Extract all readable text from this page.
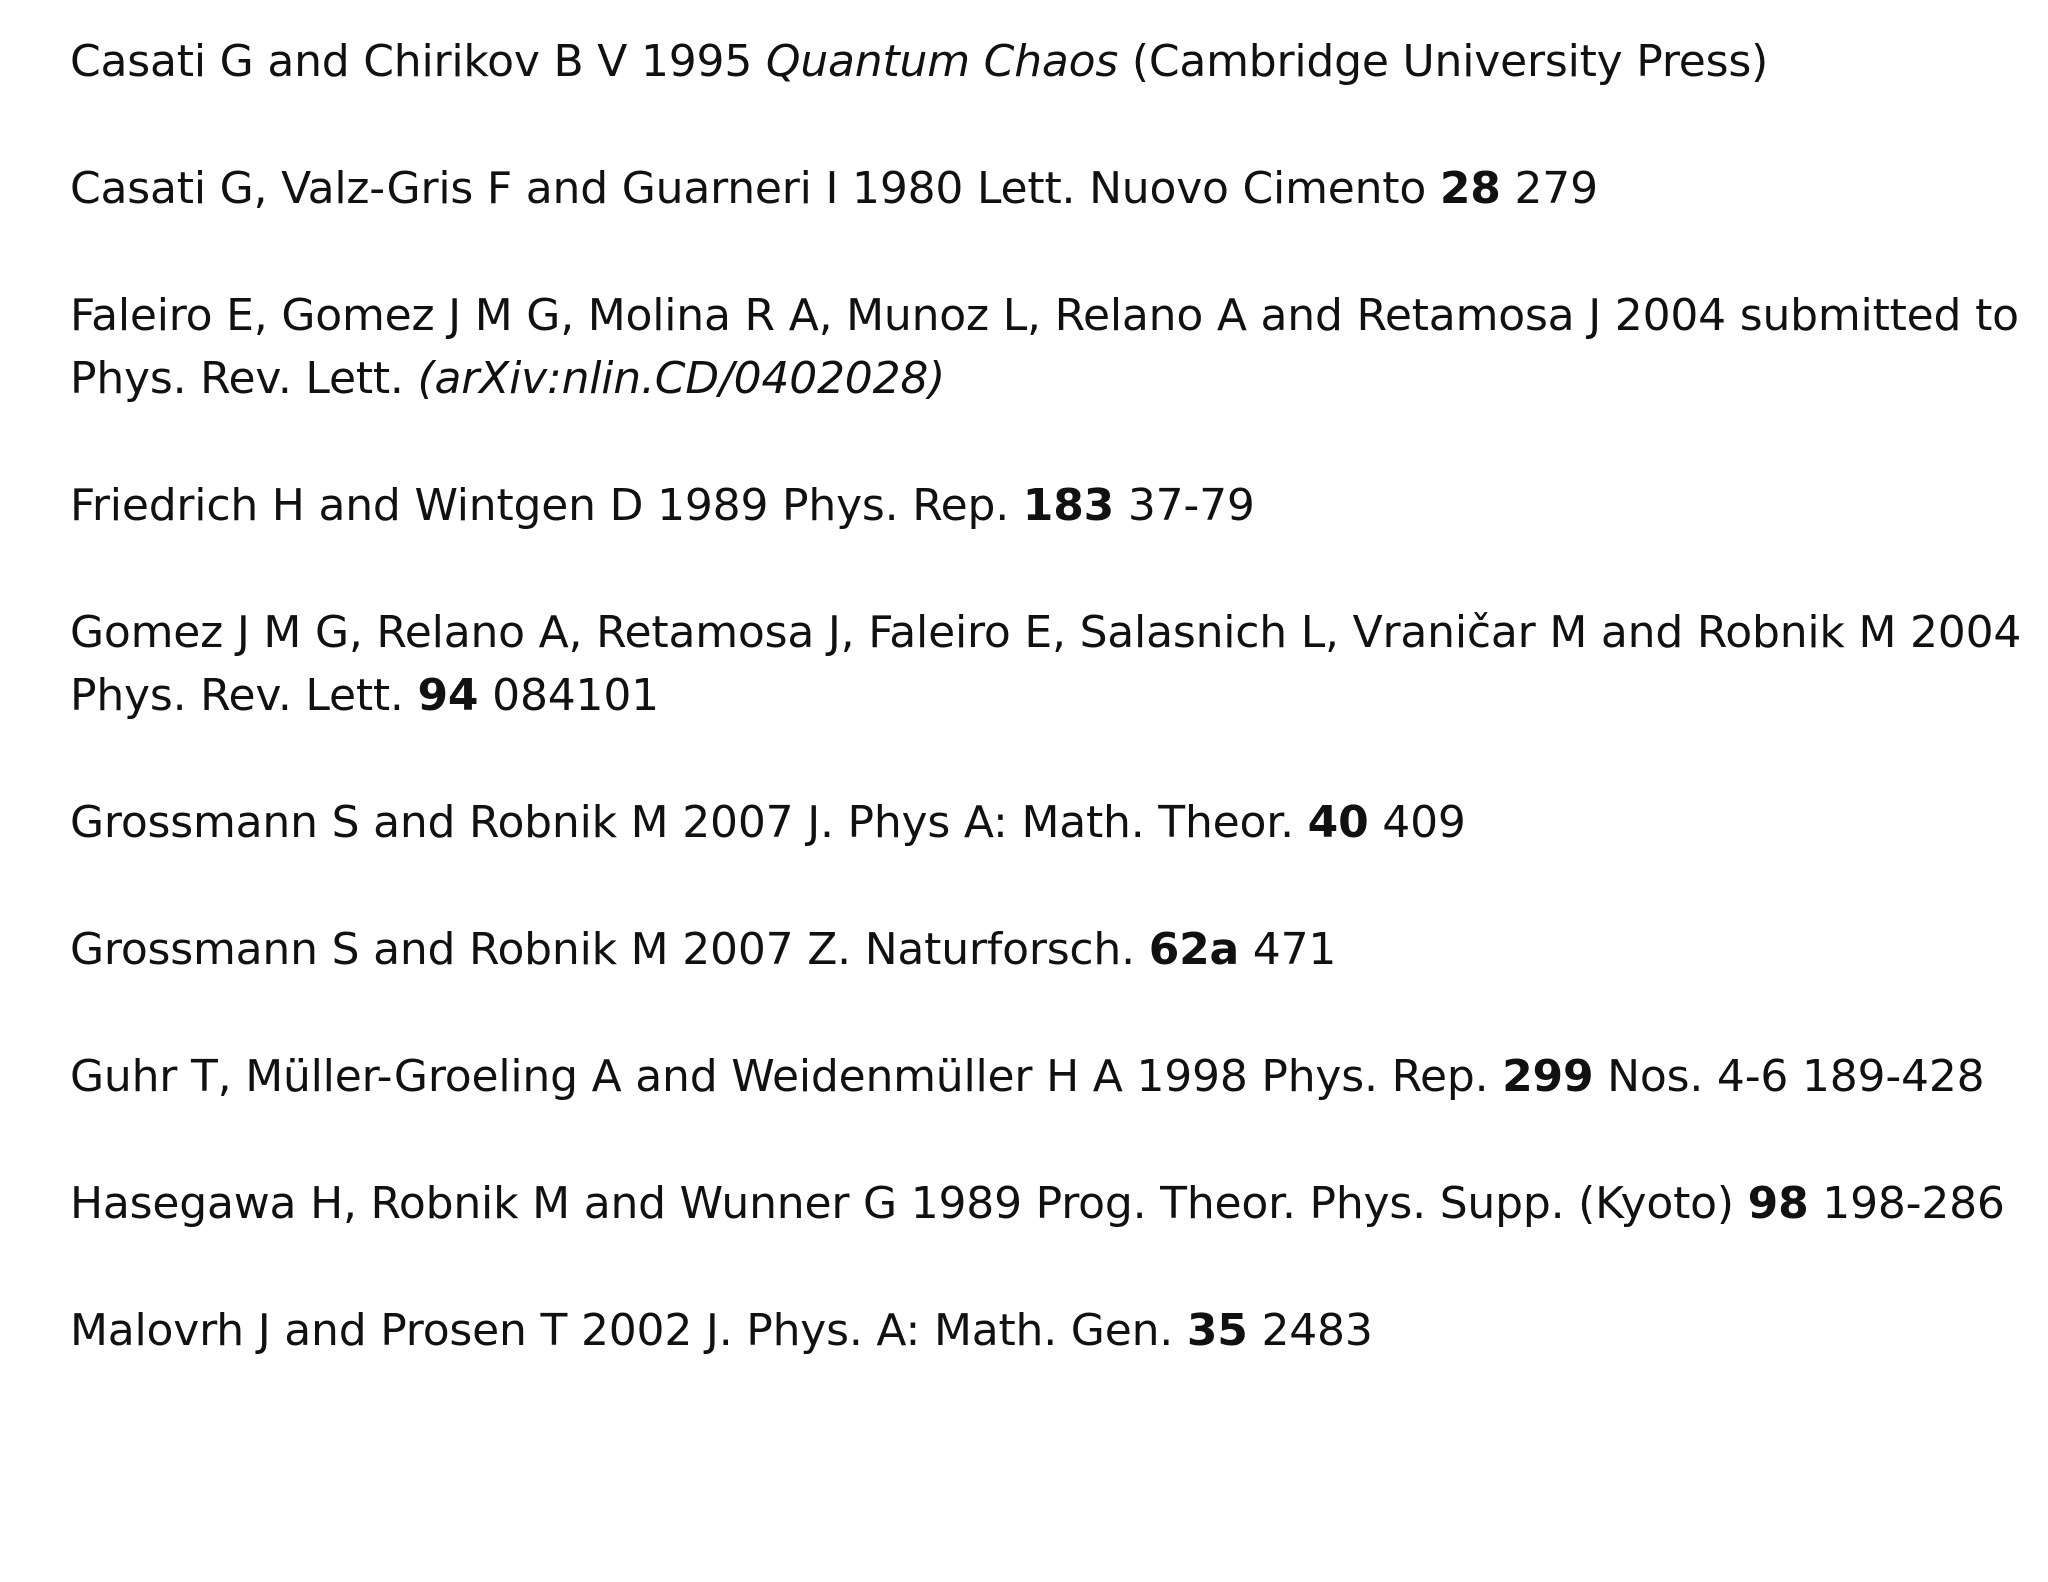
Casati G and Chirikov B V 1995 Quantum Chaos (Cambridge University Press)
Casati G, Valz-Gris F and Guarneri I 1980 Lett. Nuovo Cimento 28 279
Faleiro E, Gomez J M G, Molina R A, Munoz L, Relano A and Retamosa J 2004 submitted to Phys. Rev. Lett. (arXiv:nlin.CD/0402028)
Friedrich H and Wintgen D 1989 Phys. Rep. 183 37-79
Gomez J M G, Relano A, Retamosa J, Faleiro E, Salasnich L, Vraničar M and Robnik M 2004 Phys. Rev. Lett. 94 084101
Grossmann S and Robnik M 2007 J. Phys A: Math. Theor. 40 409
Grossmann S and Robnik M 2007 Z. Naturforsch. 62a 471
Guhr T, Müller-Groeling A and Weidenmüller H A 1998 Phys. Rep. 299 Nos. 4-6 189-428
Hasegawa H, Robnik M and Wunner G 1989 Prog. Theor. Phys. Supp. (Kyoto) 98 198-286
Malovrh J and Prosen T 2002 J. Phys. A: Math. Gen. 35 2483
